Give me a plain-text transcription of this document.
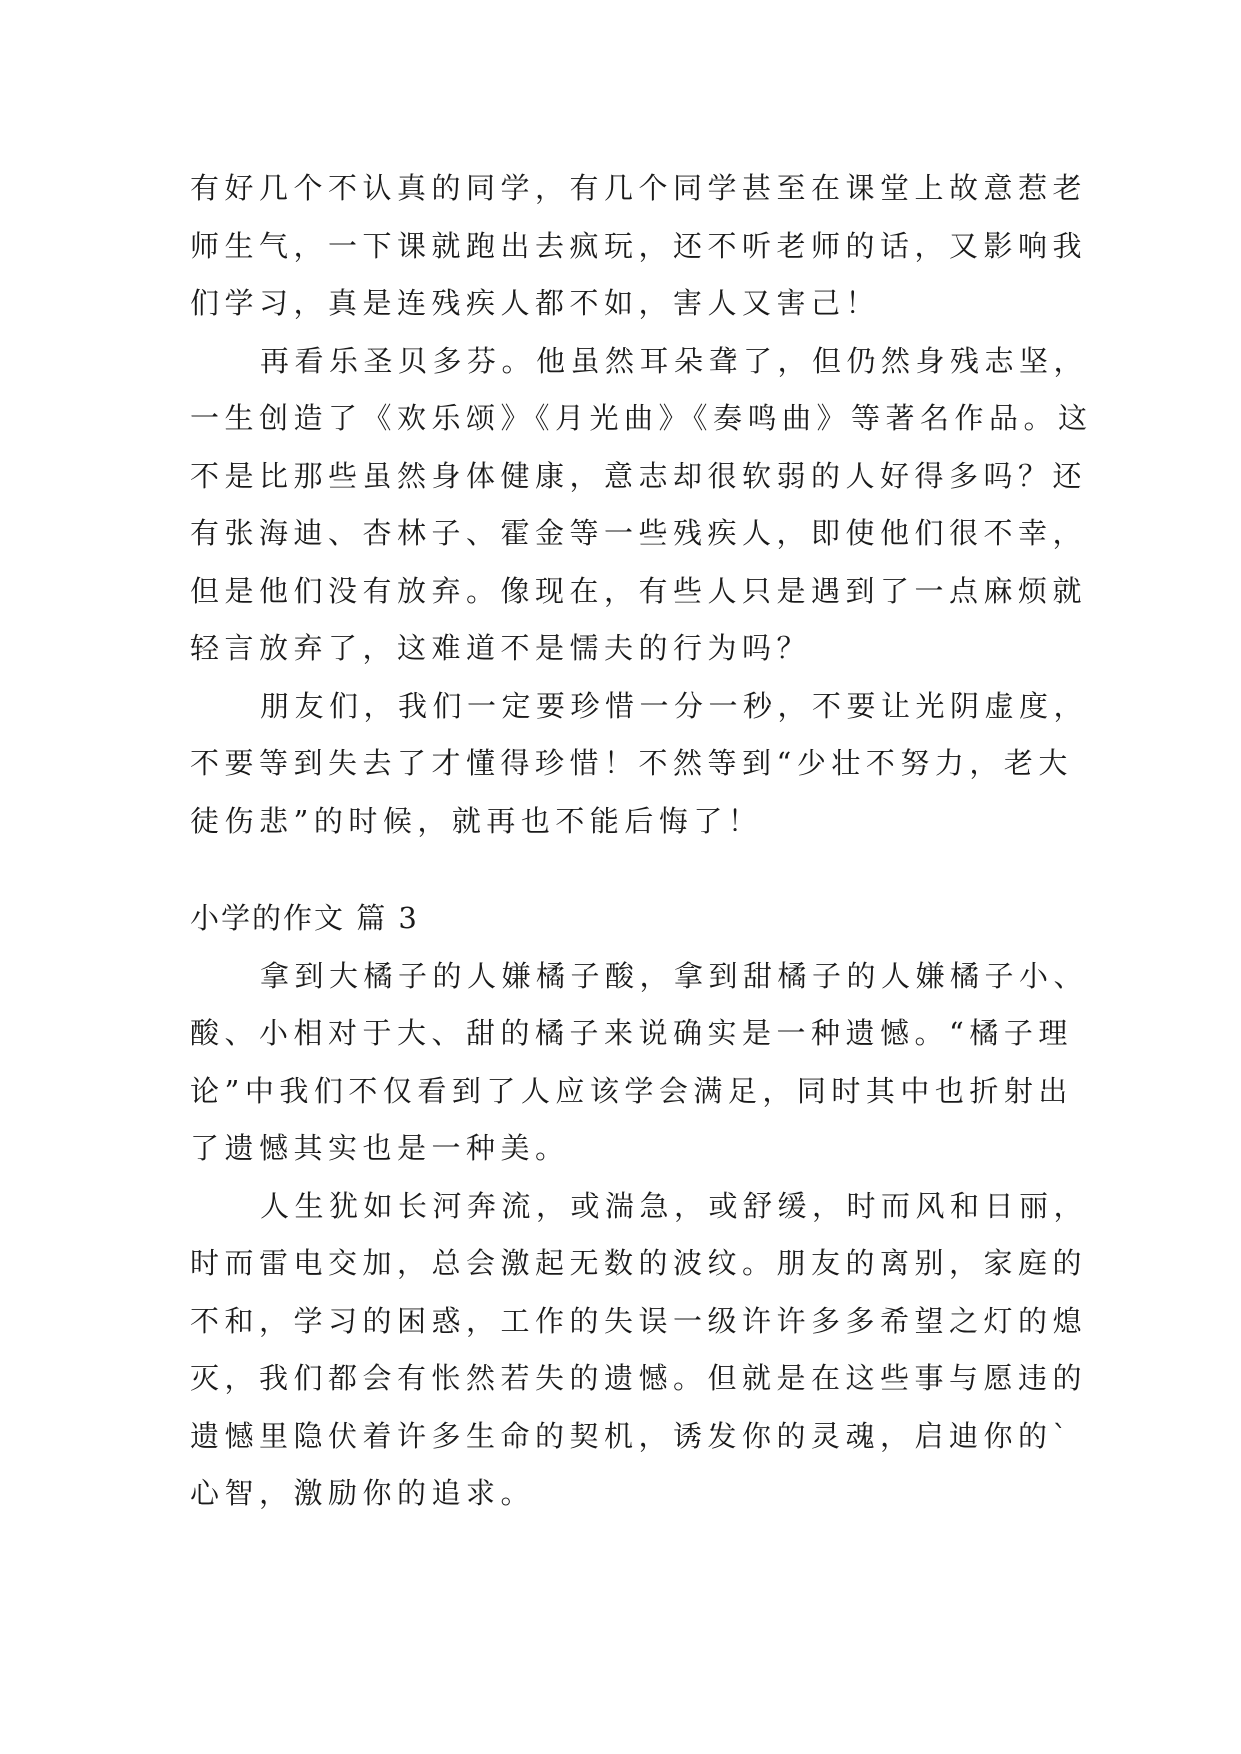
有好几个不认真的同学，有几个同学甚至在课堂上故意惹老
师生气，一下课就跑出去疯玩，还不听老师的话，又影响我
们学习，真是连残疾人都不如，害人又害己！
再看乐圣贝多芬。他虽然耳朵聋了，但仍然身残志坚，
一生创造了《欢乐颂》《月光曲》《奏鸣曲》等著名作品。这
不是比那些虽然身体健康，意志却很软弱的人好得多吗？还
有张海迪、杏林子、霍金等一些残疾人，即使他们很不幸，
但是他们没有放弃。像现在，有些人只是遇到了一点麻烦就
轻言放弃了，这难道不是懦夫的行为吗？
朋友们，我们一定要珍惜一分一秒，不要让光阴虚度，
不要等到失去了才懂得珍惜！不然等到“少壮不努力，老大
徒伤悲”的时候，就再也不能后悔了！
小学的作文 篇 3
拿到大橘子的人嫌橘子酸，拿到甜橘子的人嫌橘子小、
酸、小相对于大、甜的橘子来说确实是一种遗憾。“橘子理
论”中我们不仅看到了人应该学会满足，同时其中也折射出
了遗憾其实也是一种美。
人生犹如长河奔流，或湍急，或舒缓，时而风和日丽，
时而雷电交加，总会激起无数的波纹。朋友的离别，家庭的
不和，学习的困惑，工作的失误一级许许多多希望之灯的熄
灭，我们都会有怅然若失的遗憾。但就是在这些事与愿违的
遗憾里隐伏着许多生命的契机，诱发你的灵魂，启迪你的`
心智，激励你的追求。
